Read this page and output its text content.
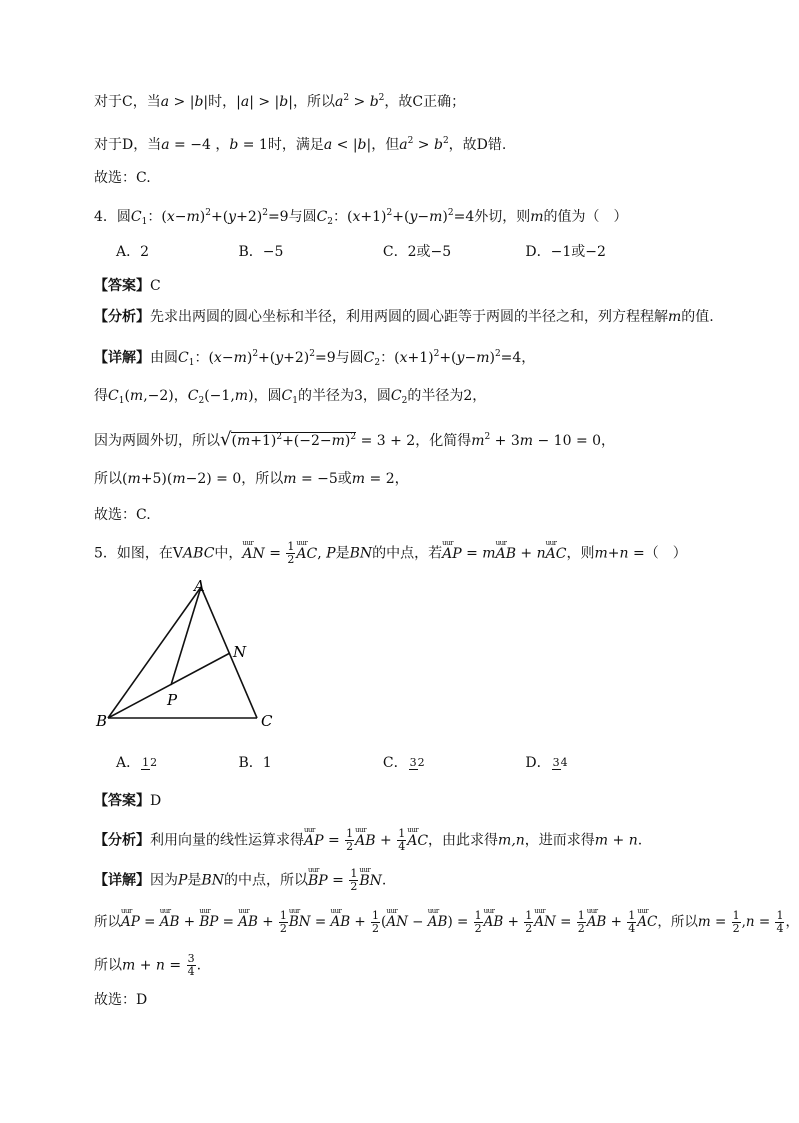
对于C，当a > |b|时，|a| > |b|，所以$a^2 > b^2$，故C正确；
对于D，当a = −4 ，b = 1时，满足a < |b|，但$a^2 > b^2$，故D错.
故选：C.
4．圆$C_1$：$(x-m)^2+(y+2)^2=9$与圆$C_2$：$(x+1)^2+(y-m)^2=4$外切，则m的值为（　）
A．2	B．−5	C．2或−5	D．−1或−2
【答案】C
【分析】先求出两圆的圆心坐标和半径，利用两圆的圆心距等于两圆的半径之和，列方程程解m的值.
【详解】由圆$C_1$：$(x-m)^2+(y+2)^2=9$与圆$C_2$：$(x+1)^2+(y-m)^2=4$，
得$C_1(m,-2)$，$C_2(-1,m)$，圆$C_1$的半径为3，圆$C_2$的半径为2，
因为两圆外切，所以$√(m+1)^2+(-2-m)^2 = 3 + 2$，化简得$m^2 + 3m - 10 = 0$，
所以(m+5)(m−2) = 0，所以m = −5或m = 2，
故选：C.
5．如图，在VABC中，uur AN = $\frac{1}{2}$ uur AC, P是BN的中点，若uur AP = muur AB + nuur AC，则m+n =（　）
A
N
P
B	C
A． 12	B．1	C． 32	D． 34
【答案】D
【分析】利用向量的线性运算求得uur AP = $\frac{1}{2}$ uur AB + $\frac{1}{4}$ uur AC，由此求得m,n，进而求得m + n.
【详解】因为P是BN的中点，所以uur BP = $\frac{1}{2}$ uur BN.
所以uur AP = uur AB + uur BP = uur AB + $\frac{1}{2}$ uur BN = uur AB + $\frac{1}{2} (uur$ AN − uur $AB) = \frac{1}{2}$ uur AB + $\frac{1}{2}$ uur AN = $\frac{1}{2}$ uur AB + $\frac{1}{4}$ uur AC，所以$m = \frac{1}{2} ,n = \frac{1}{4}$ ，
所以$m + n = \frac{3}{4}$ .
故选：D
